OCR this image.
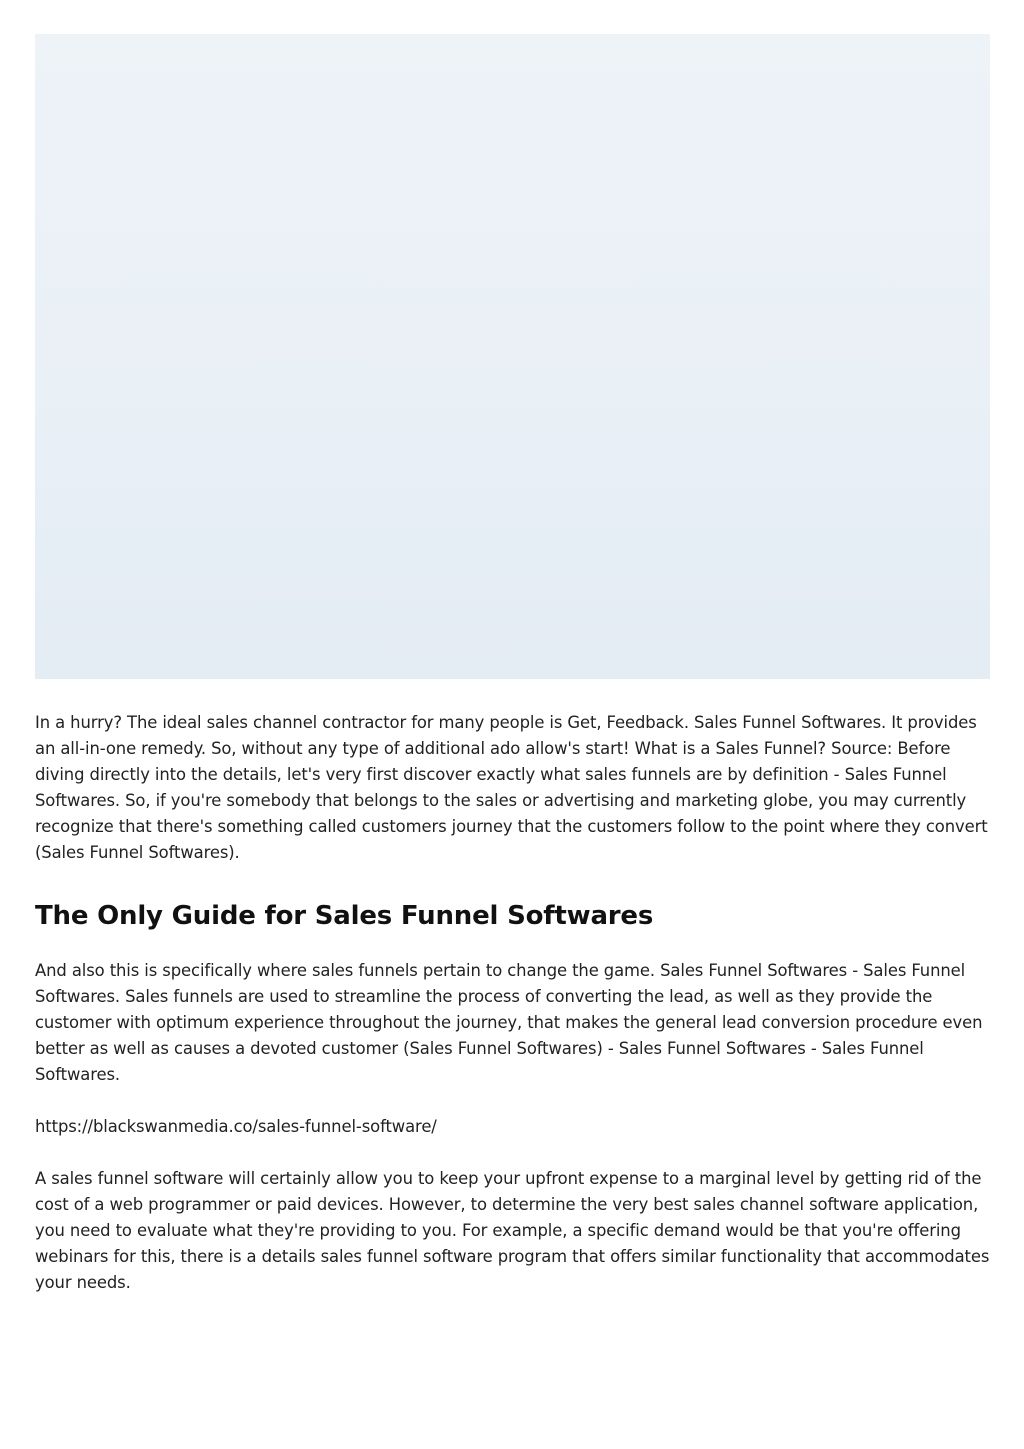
In a hurry? The ideal sales channel contractor for many people is Get, Feedback. Sales Funnel Softwares. It provides an all-in-one remedy. So, without any type of additional ado allow's start! What is a Sales Funnel? Source: Before diving directly into the details, let's very first discover exactly what sales funnels are by definition - Sales Funnel Softwares. So, if you're somebody that belongs to the sales or advertising and marketing globe, you may currently recognize that there's something called customers journey that the customers follow to the point where they convert (Sales Funnel Softwares).

The Only Guide for Sales Funnel Softwares

And also this is specifically where sales funnels pertain to change the game. Sales Funnel Softwares - Sales Funnel Softwares. Sales funnels are used to streamline the process of converting the lead, as well as they provide the customer with optimum experience throughout the journey, that makes the general lead conversion procedure even better as well as causes a devoted customer (Sales Funnel Softwares) - Sales Funnel Softwares - Sales Funnel Softwares.

https://blackswanmedia.co/sales-funnel-software/

A sales funnel software will certainly allow you to keep your upfront expense to a marginal level by getting rid of the cost of a web programmer or paid devices. However, to determine the very best sales channel software application, you need to evaluate what they're providing to you. For example, a specific demand would be that you're offering webinars for this, there is a details sales funnel software program that offers similar functionality that accommodates your needs.
